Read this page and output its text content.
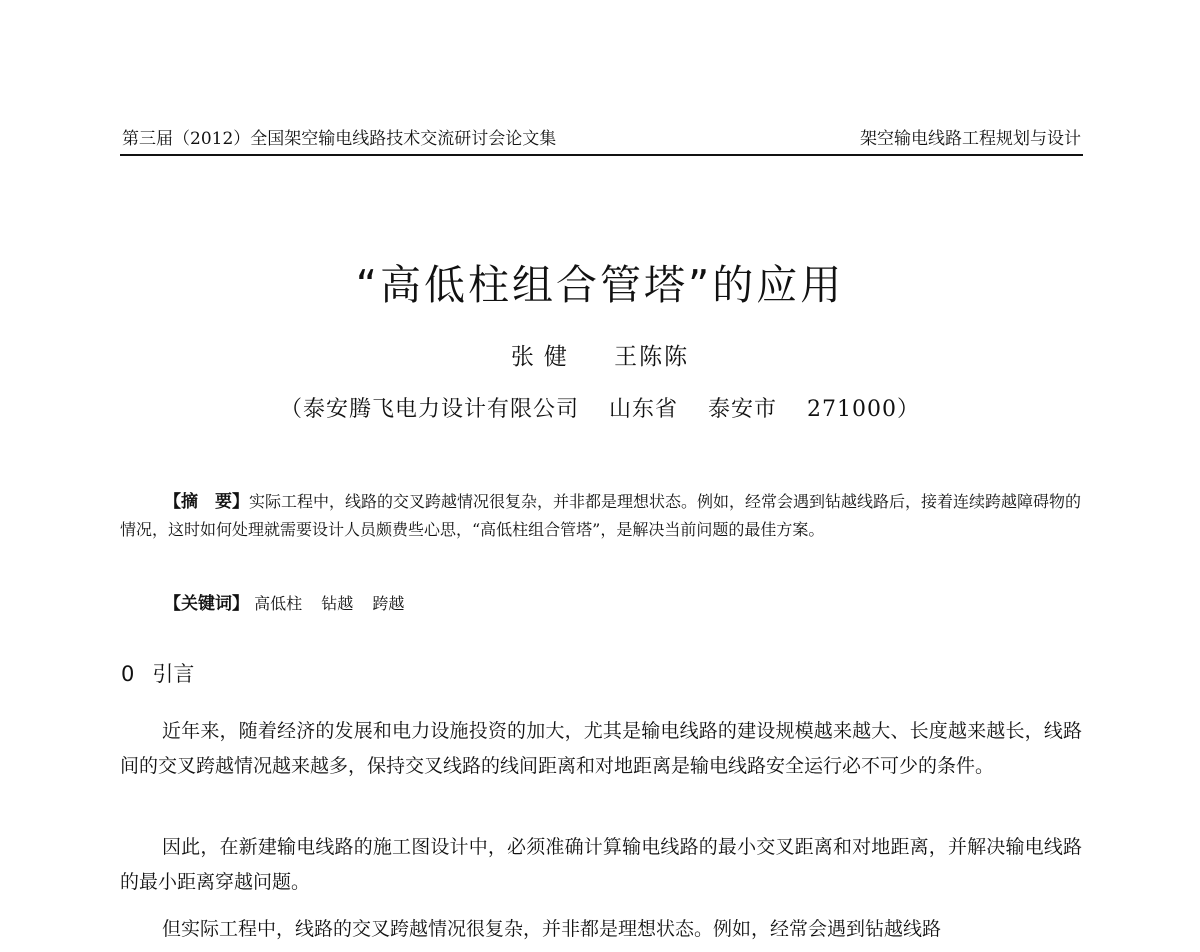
第三届（2012）全国架空输电线路技术交流研讨会论文集	架空输电线路工程规划与设计
“高低柱组合管塔”的应用
张健 王陈陈
（泰安腾飞电力设计有限公司 山东省 泰安市 271000）

【摘　要】实际工程中，线路的交叉跨越情况很复杂，并非都是理想状态。例如，经常会遇到钻越线路后，接着连续跨越障碍物的情况，这时如何处理就需要设计人员颇费些心思，“高低柱组合管塔”，是解决当前问题的最佳方案。

【关键词】 高低柱 钻越 跨越

0 引言

近年来，随着经济的发展和电力设施投资的加大，尤其是输电线路的建设规模越来越大、长度越来越长，线路间的交叉跨越情况越来越多，保持交叉线路的线间距离和对地距离是输电线路安全运行必不可少的条件。

因此，在新建输电线路的施工图设计中，必须准确计算输电线路的最小交叉距离和对地距离，并解决输电线路的最小距离穿越问题。

但实际工程中，线路的交叉跨越情况很复杂，并非都是理想状态。例如，经常会遇到钻越线路
